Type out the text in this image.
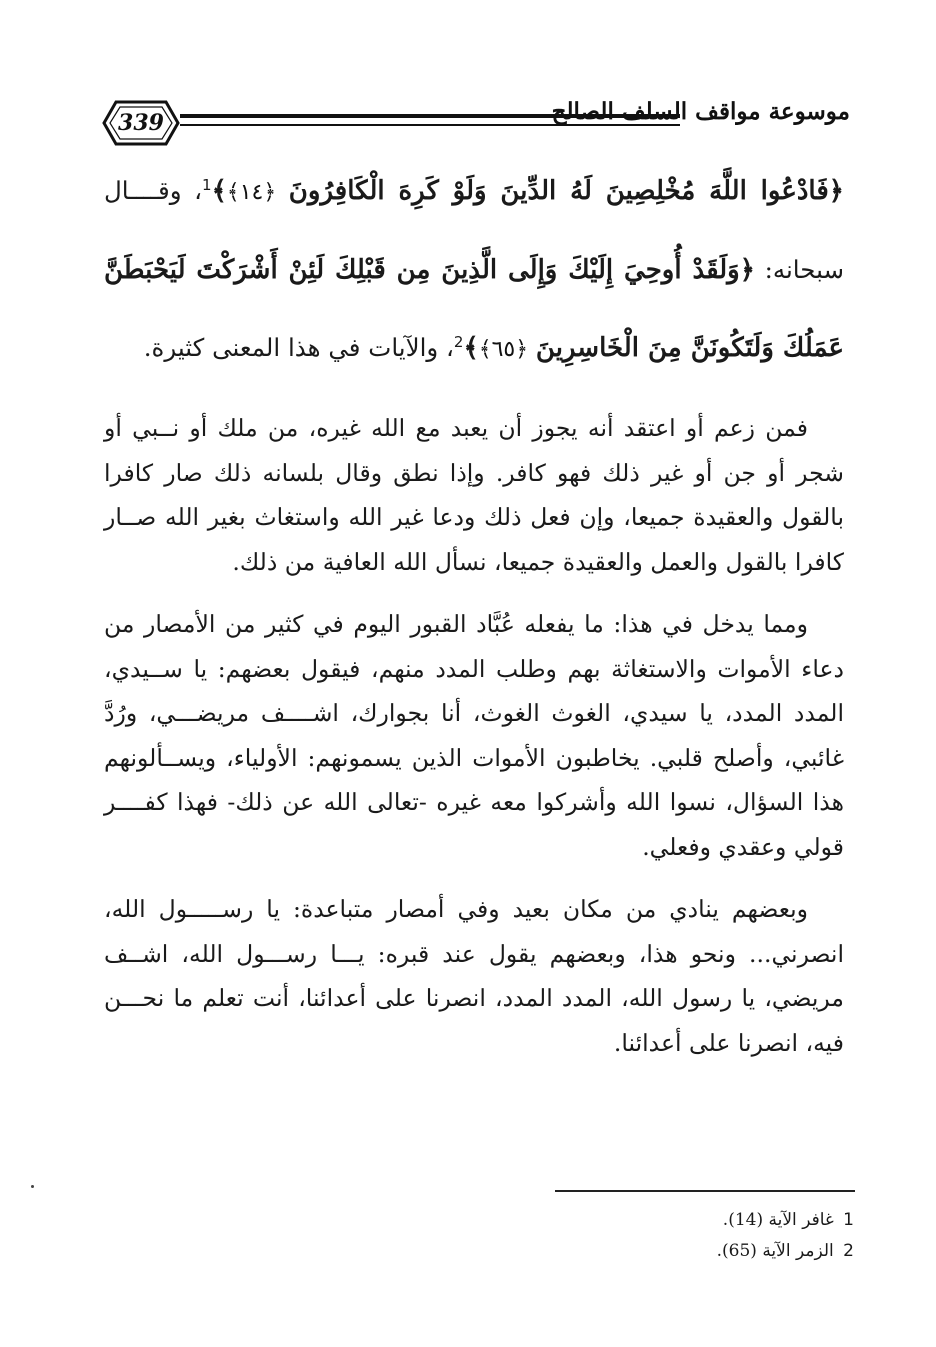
339	موسوعة مواقف السلف الصالح

﴿فَادْعُوا اللَّهَ مُخْلِصِينَ لَهُ الدِّينَ وَلَوْ كَرِهَ الْكَافِرُونَ ﴿١٤﴾﴾$^1$، وقــــال سبحانه: ﴿وَلَقَدْ أُوحِيَ إِلَيْكَ وَإِلَى الَّذِينَ مِن قَبْلِكَ لَئِنْ أَشْرَكْتَ لَيَحْبَطَنَّ عَمَلُكَ وَلَتَكُونَنَّ مِنَ الْخَاسِرِينَ ﴿٦٥﴾﴾$^2$، والآيات في هذا المعنى كثيرة.

فمن زعم أو اعتقد أنه يجوز أن يعبد مع الله غيره، من ملك أو نــبي أو شجر أو جن أو غير ذلك فهو كافر. وإذا نطق وقال بلسانه ذلك صار كافرا بالقول والعقيدة جميعا، وإن فعل ذلك ودعا غير الله واستغاث بغير الله صــار كافرا بالقول والعمل والعقيدة جميعا، نسأل الله العافية من ذلك.

ومما يدخل في هذا: ما يفعله عُبَّاد القبور اليوم في كثير من الأمصار من دعاء الأموات والاستغاثة بهم وطلب المدد منهم، فيقول بعضهم: يا ســيدي، المدد المدد، يا سيدي، الغوث الغوث، أنا بجوارك، اشــــف مريضـــي، ورُدَّ غائبي، وأصلح قلبي. يخاطبون الأموات الذين يسمونهم: الأولياء، ويســألونهم هذا السؤال، نسوا الله وأشركوا معه غيره -تعالى الله عن ذلك- فهذا كفــــر قولي وعقدي وفعلي.

وبعضهم ينادي من مكان بعيد وفي أمصار متباعدة: يا رســـــول الله، انصرني... ونحو هذا، وبعضهم يقول عند قبره: يـــا رســـول الله، اشــف مريضي، يا رسول الله، المدد المدد، انصرنا على أعدائنا، أنت تعلم ما نحـــن فيه، انصرنا على أعدائنا.

1 غافر الآية (14).

2 الزمر الآية (65).
